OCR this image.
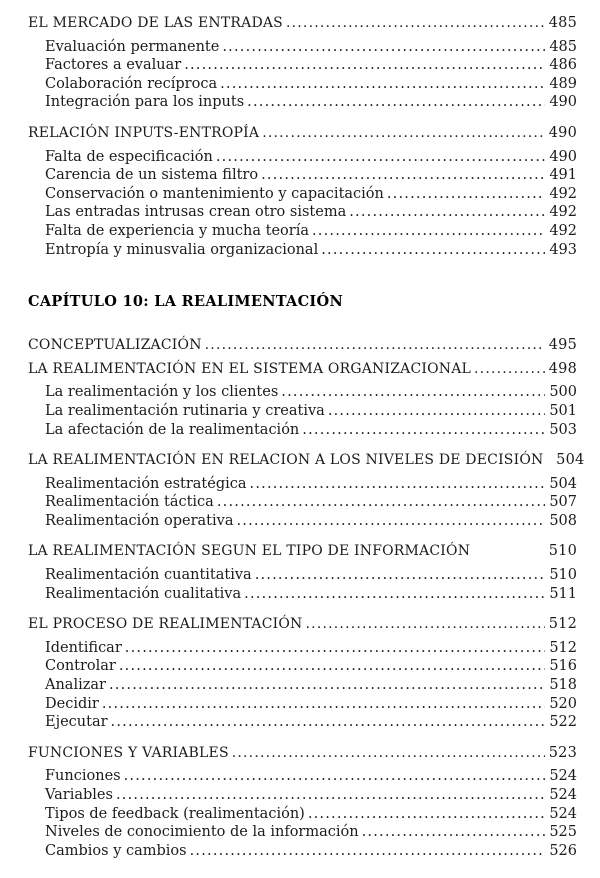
EL MERCADO DE LAS ENTRADAS .....	485
Evaluación permanente .....	485
Factores a evaluar .....	486
Colaboración recíproca .....	489
Integración para los inputs .....	490
RELACIÓN INPUTS-ENTROPÍA .....	490
Falta de especificación .....	490
Carencia de un sistema filtro .....	491
Conservación o mantenimiento y capacitación .....	492
Las entradas intrusas crean otro sistema .....	492
Falta de experiencia y mucha teoría .....	492
Entropía y minusvalia organizacional .....	493
CAPÍTULO 10: LA REALIMENTACIÓN
CONCEPTUALIZACIÓN .....	495
LA REALIMENTACIÓN EN EL SISTEMA ORGANIZACIONAL .....	498
La realimentación y los clientes .....	500
La realimentación rutinaria y creativa .....	501
La afectación de la realimentación .....	503
LA REALIMENTACIÓN EN RELACION A LOS NIVELES DE DECISIÓN 504
Realimentación estratégica .....	504
Realimentación táctica .....	507
Realimentación operativa .....	508
LA REALIMENTACIÓN SEGUN EL TIPO DE INFORMACIÓN	510
Realimentación cuantitativa .....	510
Realimentación cualitativa .....	511
EL PROCESO DE REALIMENTACIÓN .....	512
Identificar .....	512
Controlar .....	516
Analizar .....	518
Decidir .....	520
Ejecutar .....	522
FUNCIONES Y VARIABLES .....	523
Funciones .....	524
Variables .....	524
Tipos de feedback (realimentación) .....	524
Niveles de conocimiento de la información .....	525
Cambios y cambios .....	526
